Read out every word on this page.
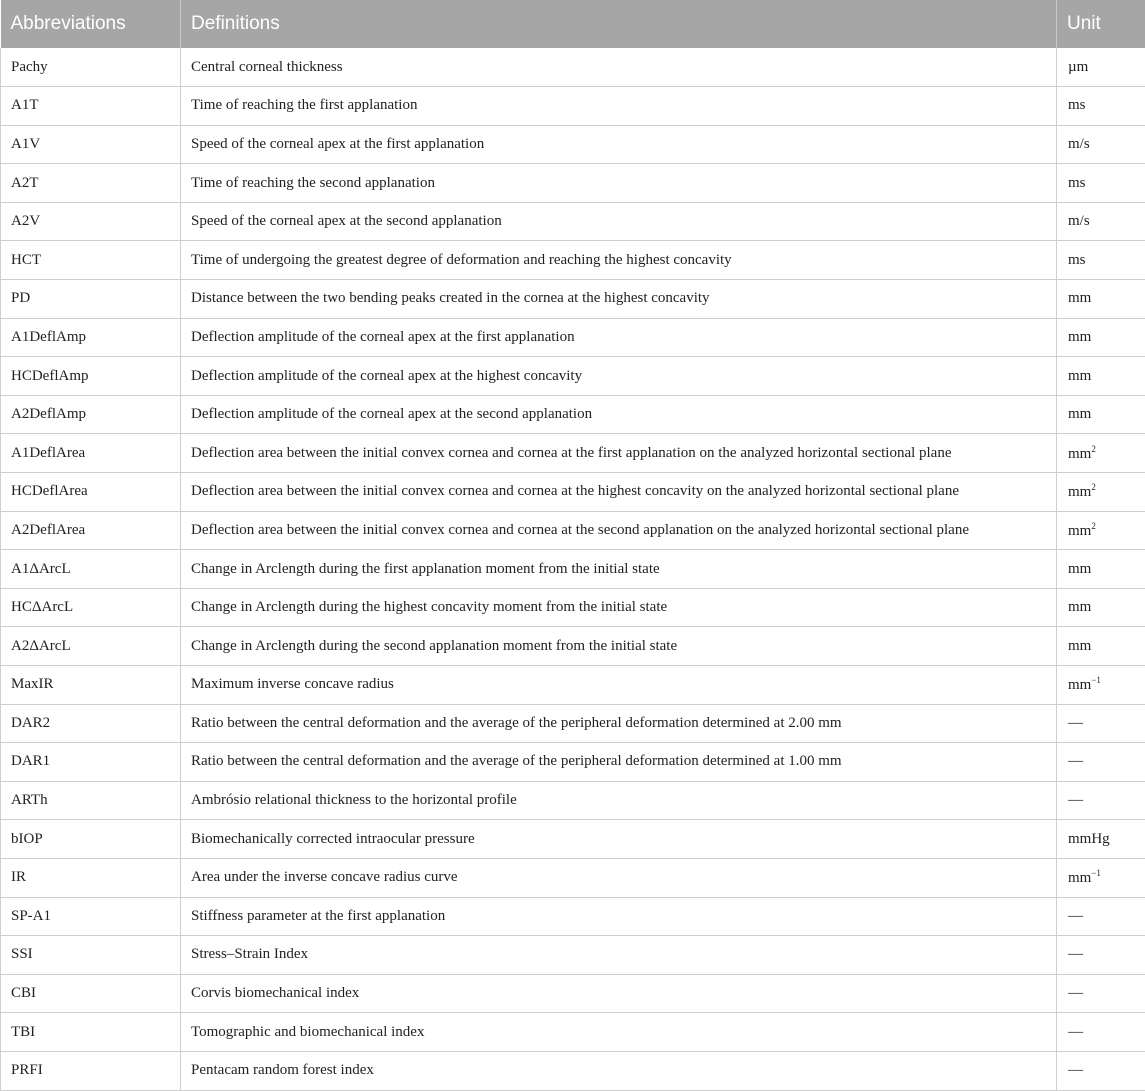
Abbreviations	Definitions	Unit
Pachy	Central corneal thickness	µm
A1T	Time of reaching the first applanation	ms
A1V	Speed of the corneal apex at the first applanation	m/s
A2T	Time of reaching the second applanation	ms
A2V	Speed of the corneal apex at the second applanation	m/s
HCT	Time of undergoing the greatest degree of deformation and reaching the highest concavity	ms
PD	Distance between the two bending peaks created in the cornea at the highest concavity	mm
A1DeflAmp	Deflection amplitude of the corneal apex at the first applanation	mm
HCDeflAmp	Deflection amplitude of the corneal apex at the highest concavity	mm
A2DeflAmp	Deflection amplitude of the corneal apex at the second applanation	mm
A1DeflArea	Deflection area between the initial convex cornea and cornea at the first applanation on the analyzed horizontal sectional plane	$mm^2$
HCDeflArea	Deflection area between the initial convex cornea and cornea at the highest concavity on the analyzed horizontal sectional plane	$mm^2$
A2DeflArea	Deflection area between the initial convex cornea and cornea at the second applanation on the analyzed horizontal sectional plane	$mm^2$
A1ΔArcL	Change in Arclength during the first applanation moment from the initial state	mm
HCΔArcL	Change in Arclength during the highest concavity moment from the initial state	mm
A2ΔArcL	Change in Arclength during the second applanation moment from the initial state	mm
MaxIR	Maximum inverse concave radius	$mm^{-1}$
DAR2	Ratio between the central deformation and the average of the peripheral deformation determined at 2.00 mm	—
DAR1	Ratio between the central deformation and the average of the peripheral deformation determined at 1.00 mm	—
ARTh	Ambrósio relational thickness to the horizontal profile	—
bIOP	Biomechanically corrected intraocular pressure	mmHg
IR	Area under the inverse concave radius curve	$mm^{-1}$
SP-A1	Stiffness parameter at the first applanation	—
SSI	Stress–Strain Index	—
CBI	Corvis biomechanical index	—
TBI	Tomographic and biomechanical index	—
PRFI	Pentacam random forest index	—
